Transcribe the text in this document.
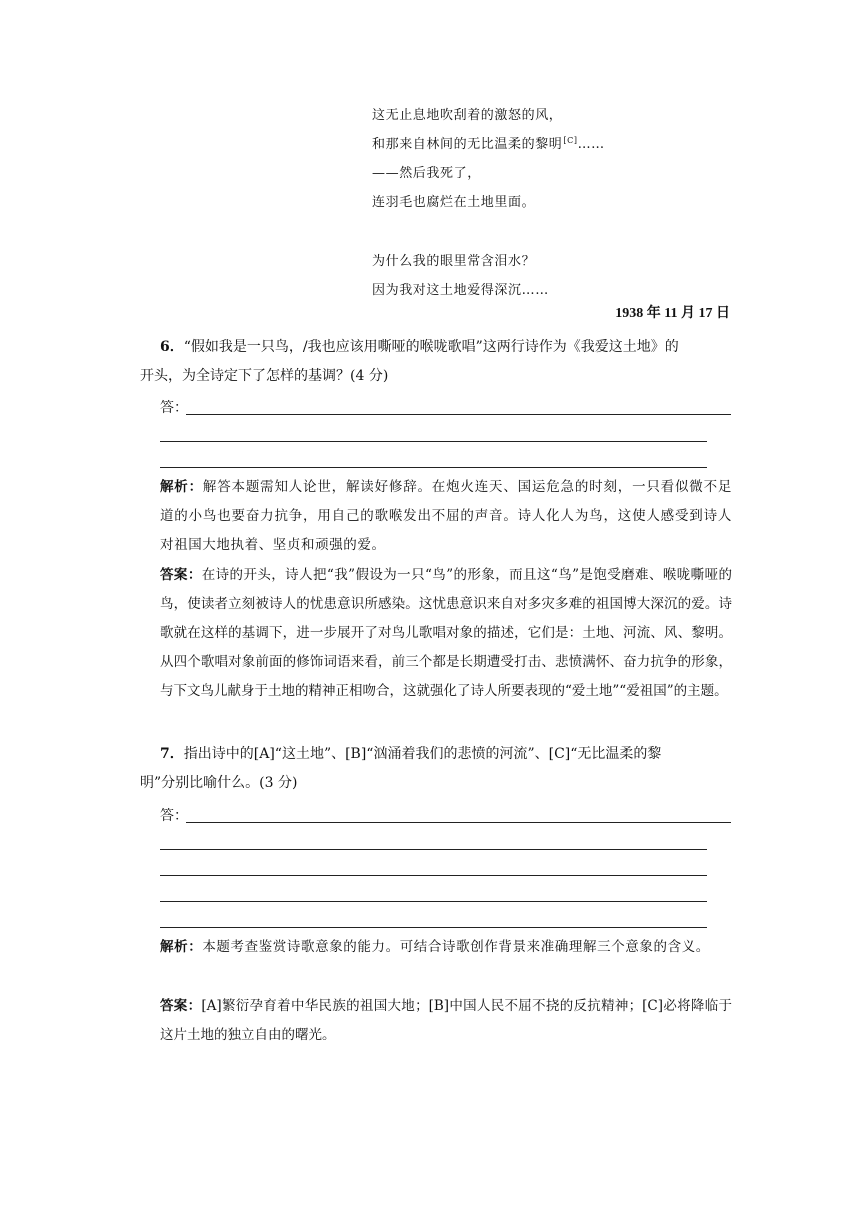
这无止息地吹刮着的激怒的风，
和那来自林间的无比温柔的黎明[C]……
——然后我死了，
连羽毛也腐烂在土地里面。
为什么我的眼里常含泪水？
因为我对这土地爱得深沉……
1938 年 11 月 17 日
6．“假如我是一只鸟，/我也应该用嘶哑的喉咙歌唱”这两行诗作为《我爱这土地》的
开头，为全诗定下了怎样的基调？(4 分)
答：
解析：解答本题需知人论世，解读好修辞。在炮火连天、国运危急的时刻，一只看似微不足道的小鸟也要奋力抗争，用自己的歌喉发出不屈的声音。诗人化人为鸟，这使人感受到诗人对祖国大地执着、坚贞和顽强的爱。
答案：在诗的开头，诗人把“我”假设为一只“鸟”的形象，而且这“鸟”是饱受磨难、喉咙嘶哑的鸟，使读者立刻被诗人的忧患意识所感染。这忧患意识来自对多灾多难的祖国博大深沉的爱。诗歌就在这样的基调下，进一步展开了对鸟儿歌唱对象的描述，它们是：土地、河流、风、黎明。从四个歌唱对象前面的修饰词语来看，前三个都是长期遭受打击、悲愤满怀、奋力抗争的形象，与下文鸟儿献身于土地的精神正相吻合，这就强化了诗人所要表现的“爱土地”“爱祖国”的主题。
7．指出诗中的[A]“这土地”、[B]“汹涌着我们的悲愤的河流”、[C]“无比温柔的黎
明”分别比喻什么。(3 分)
答：
解析：本题考查鉴赏诗歌意象的能力。可结合诗歌创作背景来准确理解三个意象的含义。
答案：[A]繁衍孕育着中华民族的祖国大地；[B]中国人民不屈不挠的反抗精神；[C]必将降临于这片土地的独立自由的曙光。
